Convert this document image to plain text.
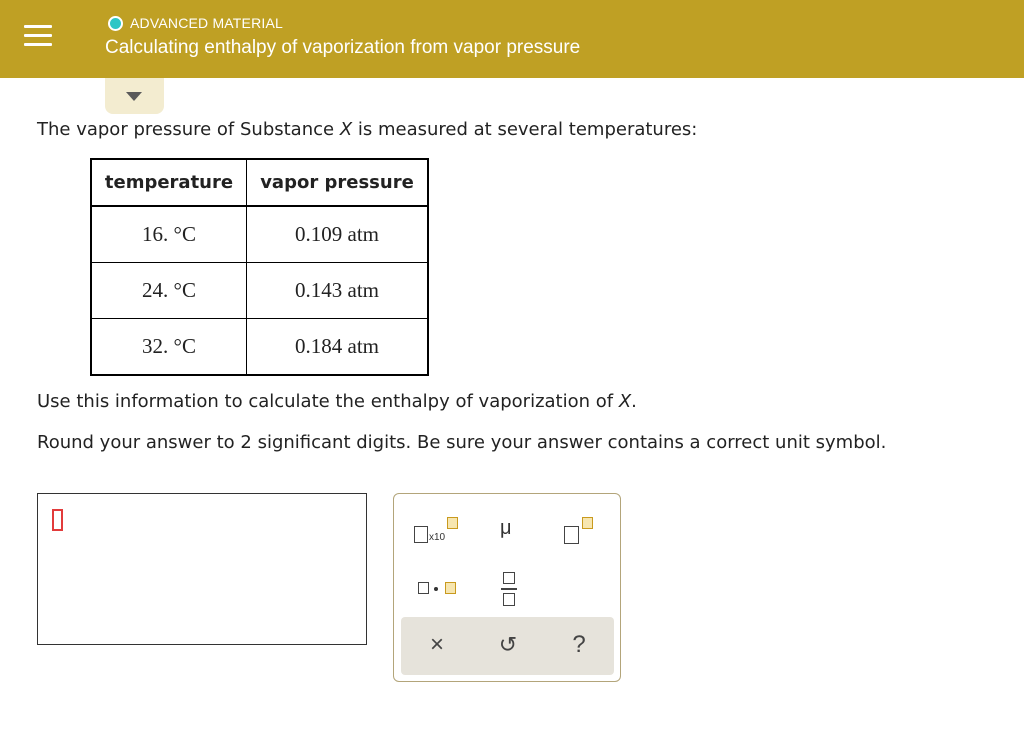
ADVANCED MATERIAL
Calculating enthalpy of vaporization from vapor pressure
The vapor pressure of Substance X is measured at several temperatures:
temperature	vapor pressure
16. °C	0.109 atm
24. °C	0.143 atm
32. °C	0.184 atm
Use this information to calculate the enthalpy of vaporization of X.
Round your answer to 2 significant digits. Be sure your answer contains a correct unit symbol.
x10	μ
×	↺	?
